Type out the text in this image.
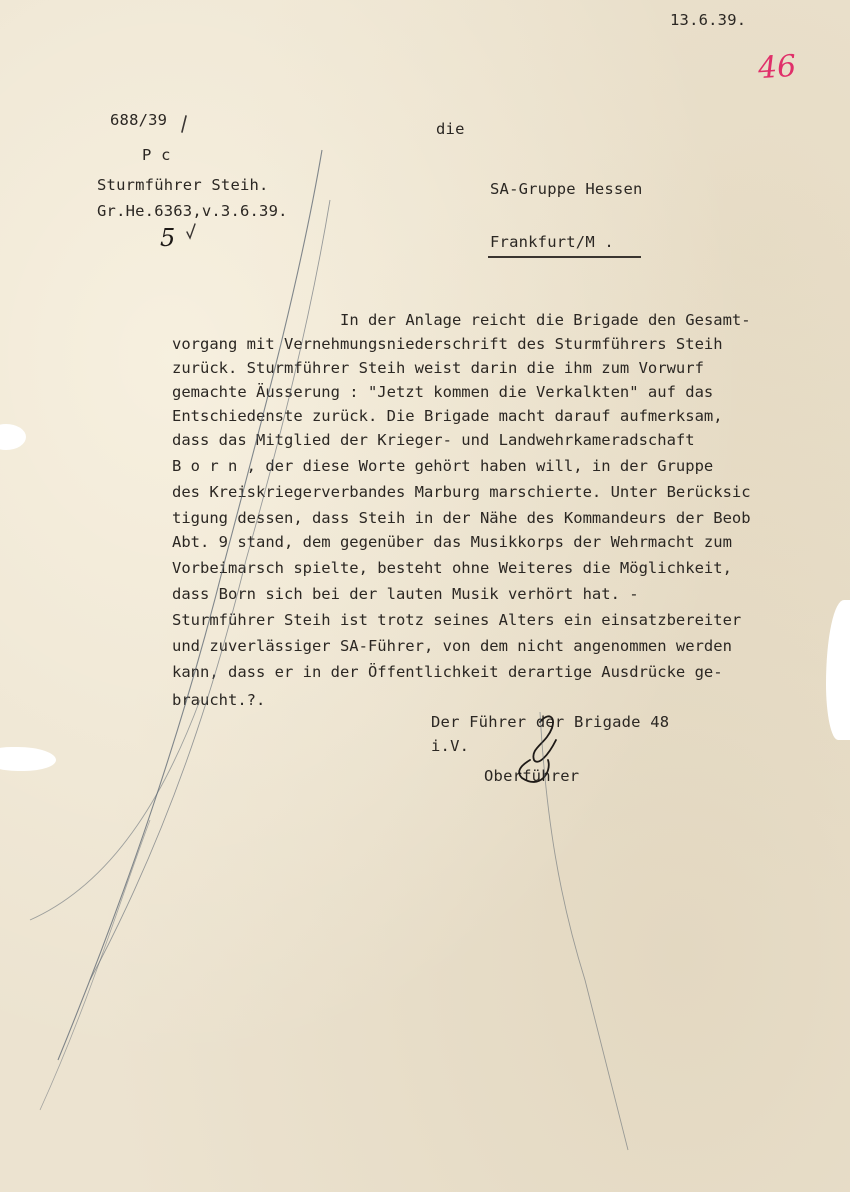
13.6.39.
46
688/39
P c
Sturmführer Steih.
Gr.He.6363,v.3.6.39.
5
die
SA-Gruppe Hessen
Frankfurt/M .
In der Anlage reicht die Brigade den Gesamt-
vorgang mit Vernehmungsniederschrift des Sturmführers Steih
zurück. Sturmführer Steih weist darin die ihm zum Vorwurf
gemachte Äusserung : "Jetzt kommen die Verkalkten" auf das
Entschiedenste zurück. Die Brigade macht darauf aufmerksam,
dass das Mitglied der Krieger- und Landwehrkameradschaft
B o r n , der diese Worte gehört haben will, in der Gruppe
des Kreiskriegerverbandes Marburg marschierte. Unter Berücksic
tigung dessen, dass Steih in der Nähe des Kommandeurs der Beob
Abt. 9 stand, dem gegenüber das Musikkorps der Wehrmacht zum
Vorbeimarsch spielte, besteht ohne Weiteres die Möglichkeit,
dass Born sich bei der lauten Musik verhört hat. -
Sturmführer Steih ist trotz seines Alters ein einsatzbereiter
und zuverlässiger SA-Führer, von dem nicht angenommen werden
kann, dass er in der Öffentlichkeit derartige Ausdrücke ge-
braucht.?.
Der Führer der Brigade 48
i.V.
Oberführer
